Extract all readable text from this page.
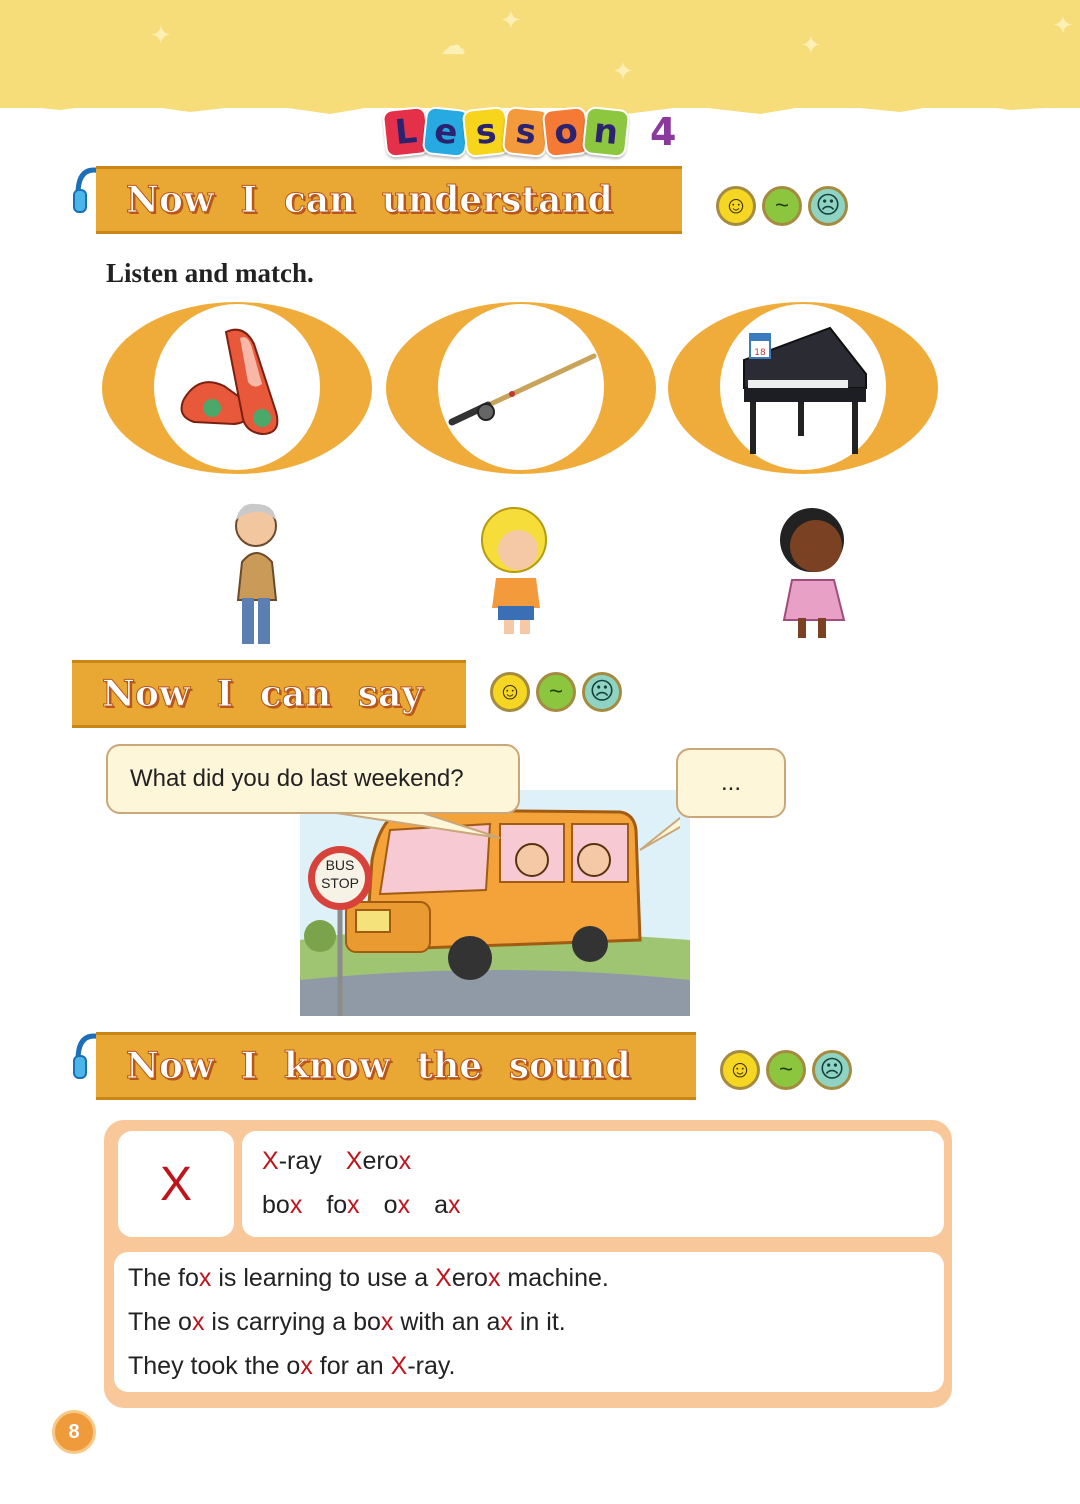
✦	☁
✦
✦
✦
✦
L e s s o n 4
Now I can understand	☺ ~ ☹
Listen and match.
18
Now I can say	☺ ~ ☹
BUS
STOP
What did you do last weekend?	...
Now I know the sound	☺ ~ ☹
X	X-ray Xerox
box fox ox ax
The fox is learning to use a Xerox machine.
The ox is carrying a box with an ax in it.
They took the ox for an X-ray.
8
